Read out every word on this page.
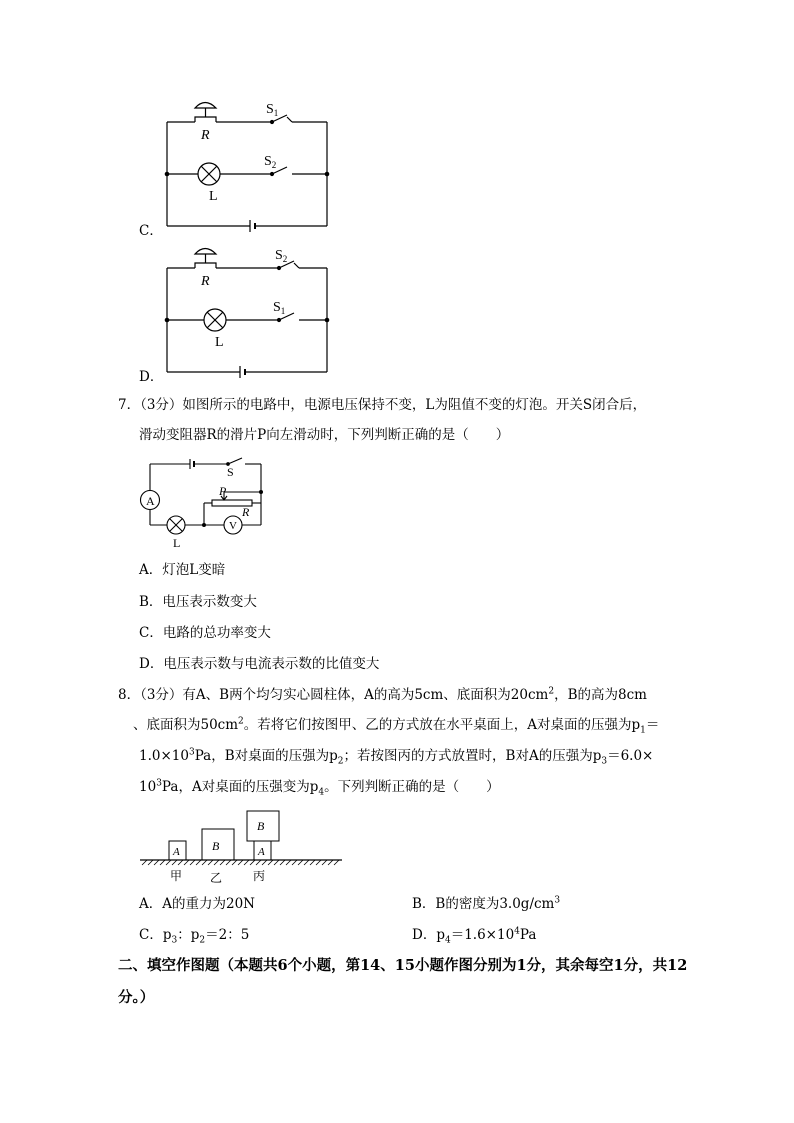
R
$S_1$
$S_2$
L
C．
R
$S_2$
$S_1$
L
D．
7．（3分）如图所示的电路中，电源电压保持不变，L为阻值不变的灯泡。开关S闭合后，
滑动变阻器R的滑片P向左滑动时，下列判断正确的是（　　）
A
V
S
P
R
L
A．灯泡L变暗
B．电压表示数变大
C．电路的总功率变大
D．电压表示数与电流表示数的比值变大
8．（3分）有A、B两个均匀实心圆柱体，A的高为5cm、底面积为$20cm^2$，B的高为8cm
、底面积为$50cm^2$。若将它们按图甲、乙的方式放在水平桌面上，A对桌面的压强为$p_1=$
$1.0\times 10^3Pa$，B对桌面的压强为$p_2$；若按图丙的方式放置时，B对A的压强为$p_3=6.0\times$
$10^3Pa$，A对桌面的压强变为$p_4$。下列判断正确的是（　　）
A	B	A
B
甲 乙	丙
A．A的重力为20N	B．B的密度为$3.0g/cm^3$
C．$p_3$：$p_2=2$：5	D．$p_4=1.6\times 10^4Pa$
二、填空作图题（本题共6个小题，第14、15小题作图分别为1分，其余每空1分，共12
分。）
